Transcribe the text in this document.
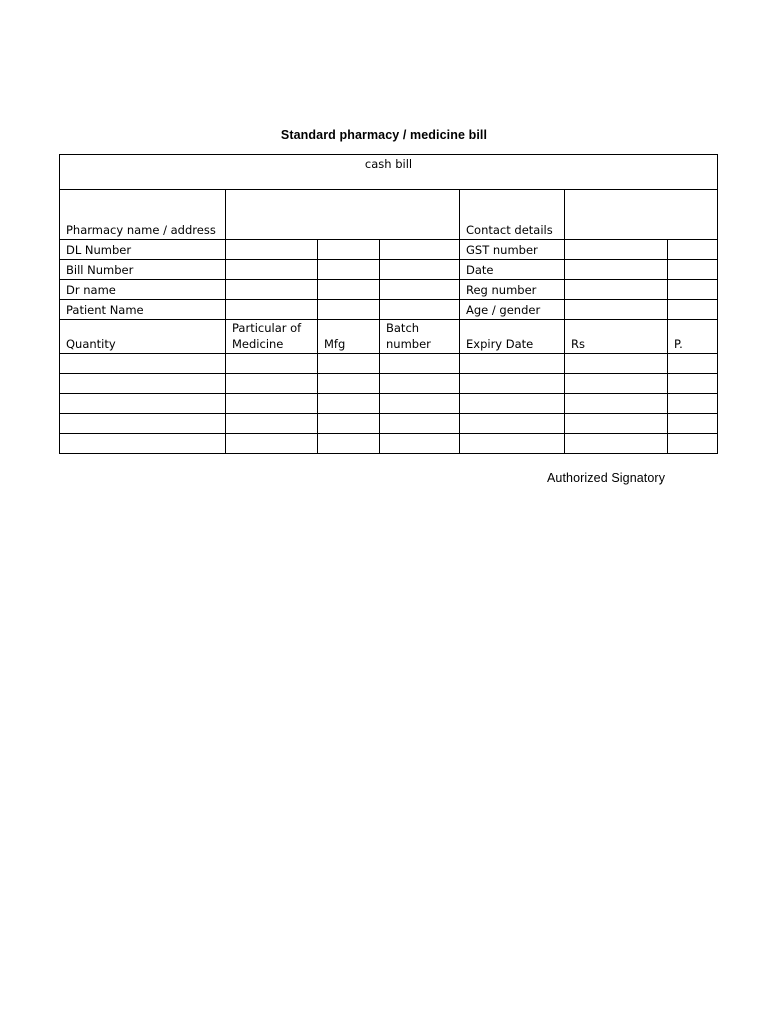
Standard pharmacy / medicine bill
cash bill						
Pharmacy name / address				Contact details		
DL Number				GST number		
Bill Number				Date		
Dr name				Reg number		
Patient Name				Age / gender		
Quantity	Particular of Medicine	Mfg	Batch number	Expiry Date	Rs	P.

Authorized Signatory
